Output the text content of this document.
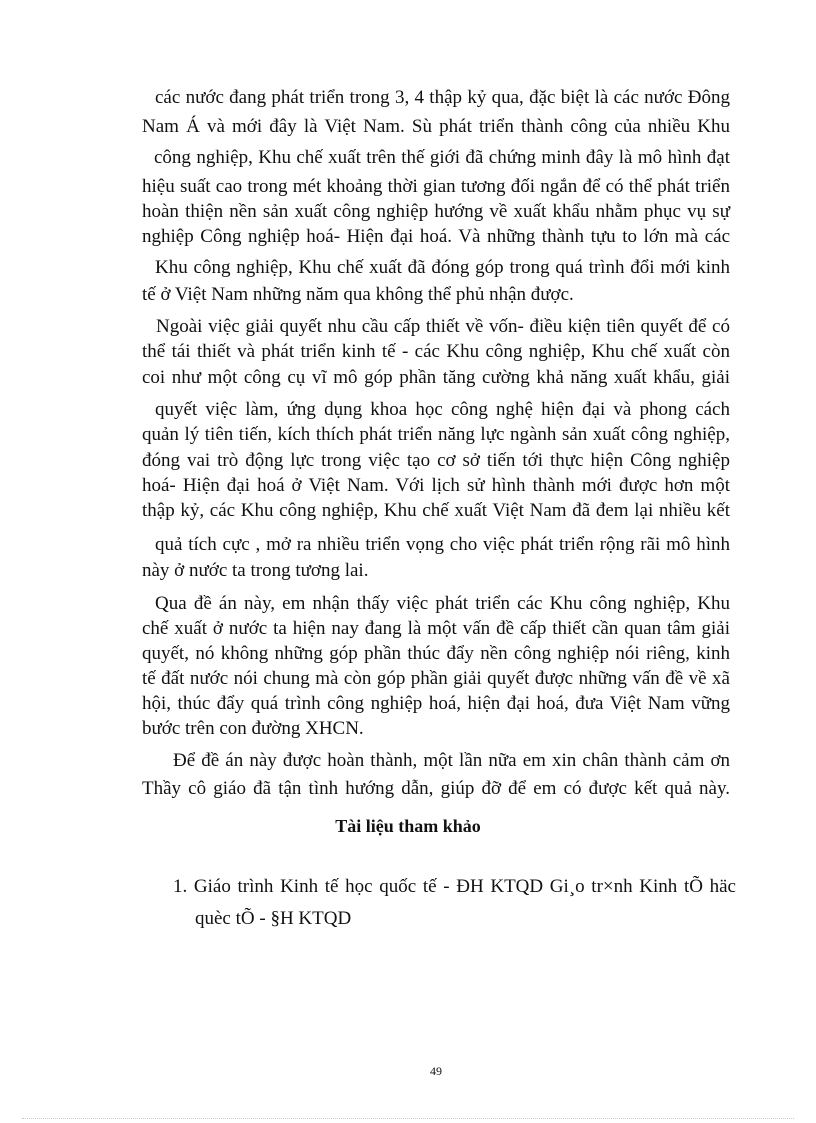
các nước đang phát triển trong 3, 4 thập kỷ qua, đặc biệt là các nước Đông
Nam Á và mới đây là Việt Nam. Sù phát triển thành công của nhiều Khu
công nghiệp, Khu chế xuất trên thế giới đã chứng minh đây là mô hình đạt
hiệu suất cao trong mét khoảng thời gian tương đối ngắn để có thể phát triển
hoàn thiện nền sản xuất công nghiệp hướng về xuất khẩu nhằm phục vụ sự
nghiệp Công nghiệp hoá- Hiện đại hoá. Và những thành tựu to lớn mà các
Khu công nghiệp, Khu chế xuất đã đóng góp trong quá trình đổi mới kinh
tế ở Việt Nam những năm qua không thể phủ nhận được.
Ngoài việc giải quyết nhu cầu cấp thiết về vốn- điều kiện tiên quyết để có
thể tái thiết và phát triển kinh tế - các Khu công nghiệp, Khu chế xuất còn
coi như một công cụ vĩ mô góp phần tăng cường khả năng xuất khẩu, giải
quyết việc làm, ứng dụng khoa học công nghệ hiện đại và phong cách
quản lý tiên tiến, kích thích phát triển năng lực ngành sản xuất công nghiệp,
đóng vai trò động lực trong việc tạo cơ sở tiến tới thực hiện Công nghiệp
hoá- Hiện đại hoá ở Việt Nam. Với lịch sử hình thành mới được hơn một
thập kỷ, các Khu công nghiệp, Khu chế xuất Việt Nam đã đem lại nhiều kết
quả tích cực , mở ra nhiều triển vọng cho việc phát triển rộng rãi mô hình
này ở nước ta trong tương lai.
Qua đề án này, em nhận thấy việc phát triển các Khu công nghiệp, Khu
chế xuất ở nước ta hiện nay đang là một vấn đề cấp thiết cần quan tâm giải
quyết, nó không những góp phần thúc đẩy nền công nghiệp nói riêng, kinh
tế đất nước nói chung mà còn góp phần giải quyết được những vấn đề về xã
hội, thúc đẩy quá trình công nghiệp hoá, hiện đại hoá, đưa Việt Nam vững
bước trên con đường XHCN.
Để đề án này được hoàn thành, một lần nữa em xin chân thành cảm ơn
Thầy cô giáo đã tận tình hướng dẫn, giúp đỡ để em có được kết quả này.
Tài liệu tham khảo
1. Giáo trình Kinh tế học quốc tế - ĐH KTQD Gi¸o tr×nh Kinh tÕ häc
quèc tÕ - §H KTQD
49
